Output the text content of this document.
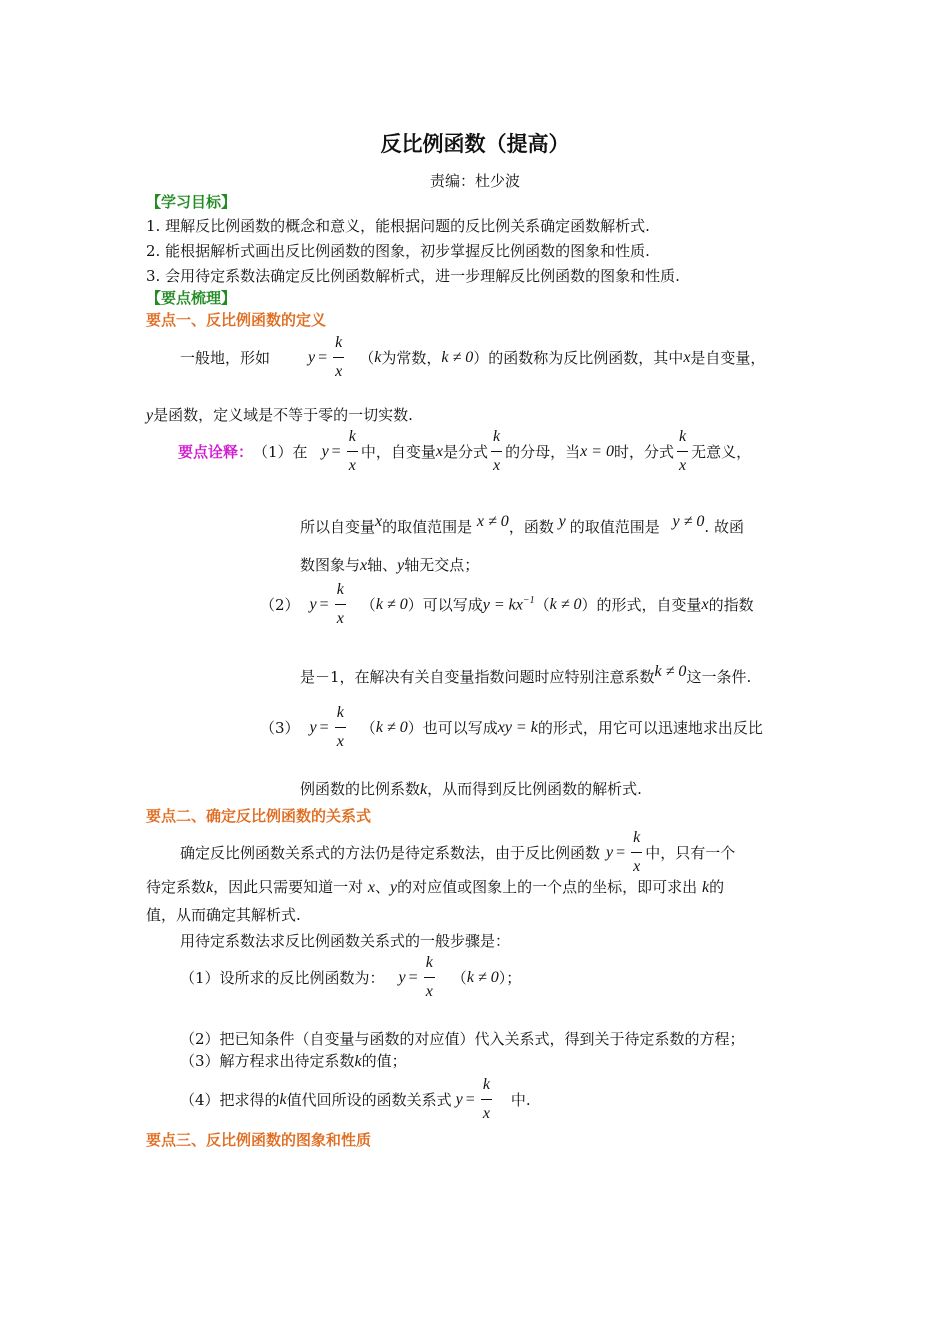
反比例函数（提高）
责编：杜少波
【学习目标】
1. 理解反比例函数的概念和意义，能根据问题的反比例关系确定函数解析式.
2. 能根据解析式画出反比例函数的图象，初步掌握反比例函数的图象和性质.
3. 会用待定系数法确定反比例函数解析式，进一步理解反比例函数的图象和性质.
【要点梳理】
要点一、反比例函数的定义
一般地，形如 $y = \frac{k}{x}$ （ k 为常数， k ≠ 0 ）的函数称为反比例函数，其中 x 是自变量，
y是函数，定义域是不等于零的一切实数.
要点诠释： （1）在 $y = \frac{k}{x}$ 中，自变量 x 是分式 $\frac{k}{x}$ 的分母，当 x = 0 时，分式 $\frac{k}{x}$ 无意义，
所以自变量x的取值范围是 x ≠ 0，函数 y 的取值范围是 y ≠ 0. 故函
数图象与x轴、y轴无交点；
（2） $y = \frac{k}{x}$ （ k ≠ 0 ）可以写成 $y = kx^{-1}$ （ k ≠ 0 ）的形式，自变量 x 的指数
是－1，在解决有关自变量指数问题时应特别注意系数k ≠ 0这一条件.
（3） $y = \frac{k}{x}$ （ k ≠ 0 ）也可以写成 xy = k 的形式，用它可以迅速地求出反比
例函数的比例系数k，从而得到反比例函数的解析式.
要点二、确定反比例函数的关系式
确定反比例函数关系式的方法仍是待定系数法，由于反比例函数 $y = \frac{k}{x}$ 中，只有一个
待定系数k，因此只需要知道一对 x、y的对应值或图象上的一个点的坐标，即可求出 k的
值，从而确定其解析式.
用待定系数法求反比例函数关系式的一般步骤是：
（1）设所求的反比例函数为： $y = \frac{k}{x}$ （ k ≠ 0 ）；
（2）把已知条件（自变量与函数的对应值）代入关系式，得到关于待定系数的方程；
（3）解方程求出待定系数k的值；
（4）把求得的 k 值代回所设的函数关系式 $y = \frac{k}{x}$ 中.
要点三、反比例函数的图象和性质
